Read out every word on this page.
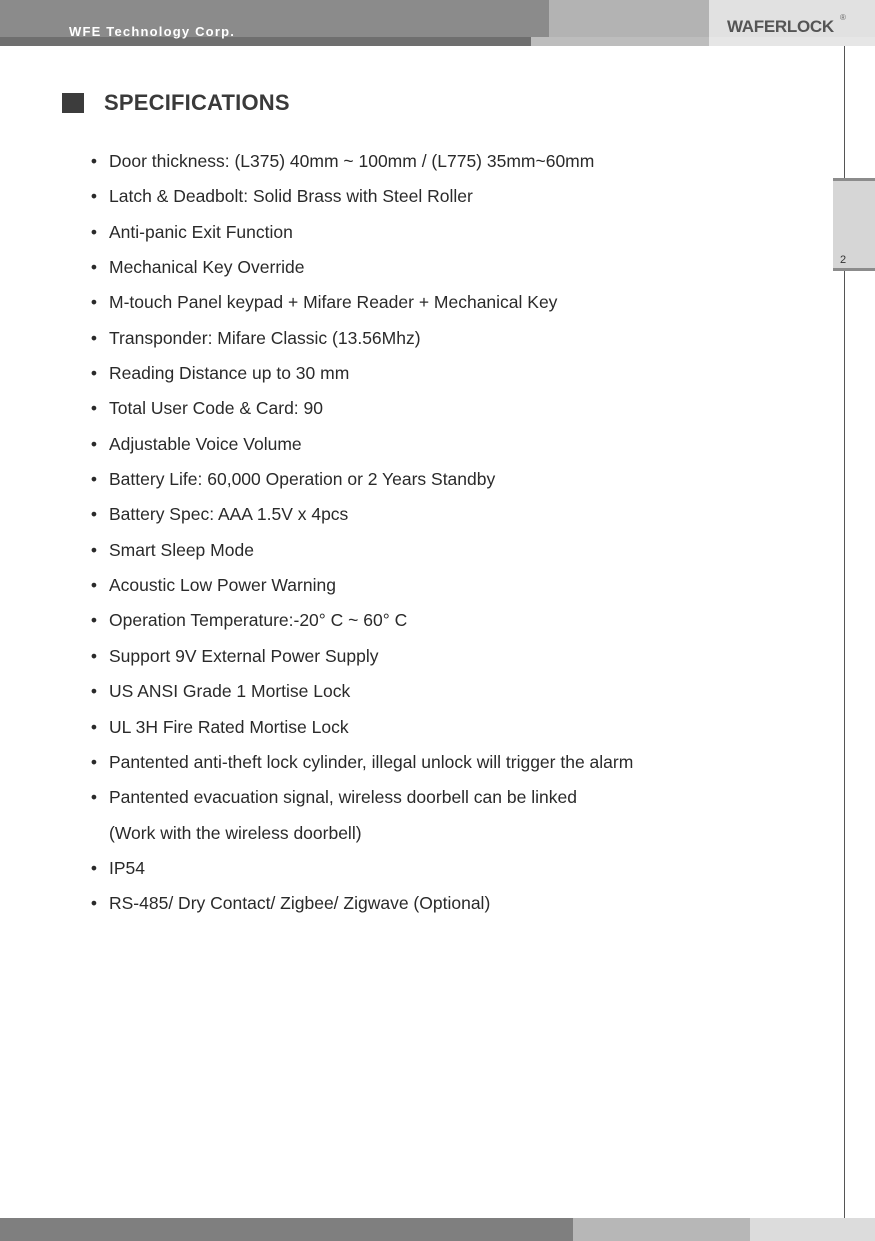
WFE Technology Corp.	WAFERLOCK ®
2
SPECIFICATIONS
• Door thickness: (L375) 40mm ~ 100mm / (L775) 35mm~60mm
• Latch & Deadbolt: Solid Brass with Steel Roller
• Anti-panic Exit Function
• Mechanical Key Override
• M-touch Panel keypad + Mifare Reader + Mechanical Key
• Transponder: Mifare Classic (13.56Mhz)
• Reading Distance up to 30 mm
• Total User Code & Card: 90
• Adjustable Voice Volume
• Battery Life: 60,000 Operation or 2 Years Standby
• Battery Spec: AAA 1.5V x 4pcs
• Smart Sleep Mode
• Acoustic Low Power Warning
• Operation Temperature:-20° C ~ 60° C
• Support 9V External Power Supply
• US ANSI Grade 1 Mortise Lock
• UL 3H Fire Rated Mortise Lock
• Pantented anti-theft lock cylinder, illegal unlock will trigger the alarm
• Pantented evacuation signal, wireless doorbell can be linked
(Work with the wireless doorbell)
• IP54
• RS-485/ Dry Contact/ Zigbee/ Zigwave (Optional)
